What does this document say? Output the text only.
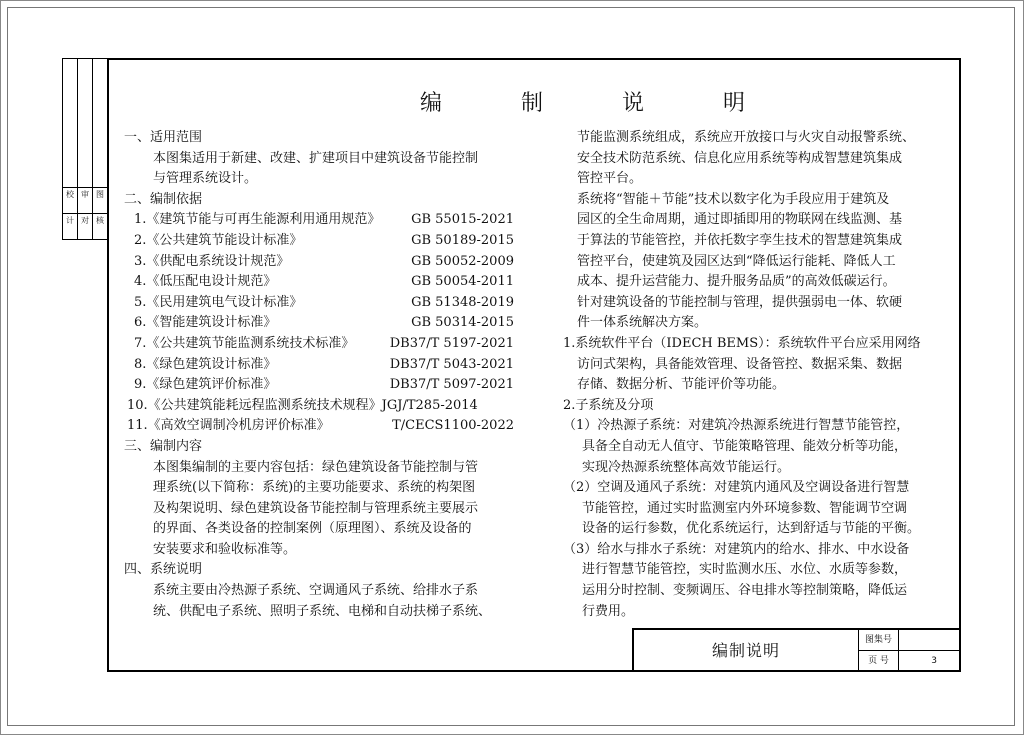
图
审
校
核
对
计
编 制 说 明
一、适用范围
本图集适用于新建、改建、扩建项目中建筑设备节能控制
与管理系统设计。
二、编制依据
1.《建筑节能与可再生能源利用通用规范》 GB 55015-2021
2.《公共建筑节能设计标准》	GB 50189-2015
3.《供配电系统设计规范》	GB 50052-2009
4.《低压配电设计规范》	GB 50054-2011
5.《民用建筑电气设计标准》	GB 51348-2019
6.《智能建筑设计标准》	GB 50314-2015
7.《公共建筑节能监测系统技术标准》	DB37/T 5197-2021
8.《绿色建筑设计标准》	DB37/T 5043-2021
9.《绿色建筑评价标准》	DB37/T 5097-2021
10.《公共建筑能耗远程监测系统技术规程》JGJ/T285-2014
11.《高效空调制冷机房评价标准》	T/CECS1100-2022
三、编制内容
本图集编制的主要内容包括：绿色建筑设备节能控制与管
理系统(以下简称：系统)的主要功能要求、系统的构架图
及构架说明、绿色建筑设备节能控制与管理系统主要展示
的界面、各类设备的控制案例（原理图）、系统及设备的
安装要求和验收标准等。
四、系统说明
系统主要由冷热源子系统、空调通风子系统、给排水子系
统、供配电子系统、照明子系统、电梯和自动扶梯子系统、
节能监测系统组成，系统应开放接口与火灾自动报警系统、
安全技术防范系统、信息化应用系统等构成智慧建筑集成
管控平台。
系统将“智能＋节能”技术以数字化为手段应用于建筑及
园区的全生命周期，通过即插即用的物联网在线监测、基
于算法的节能管控，并依托数字孪生技术的智慧建筑集成
管控平台，使建筑及园区达到“降低运行能耗、降低人工
成本、提升运营能力、提升服务品质”的高效低碳运行。
针对建筑设备的节能控制与管理，提供强弱电一体、软硬
件一体系统解决方案。
1.系统软件平台（IDECH BEMS）：系统软件平台应采用网络
访问式架构，具备能效管理、设备管控、数据采集、数据
存储、数据分析、节能评价等功能。
2.子系统及分项
（1）冷热源子系统：对建筑冷热源系统进行智慧节能管控，
具备全自动无人值守、节能策略管理、能效分析等功能，
实现冷热源系统整体高效节能运行。
（2）空调及通风子系统：对建筑内通风及空调设备进行智慧
节能管控，通过实时监测室内外环境参数、智能调节空调
设备的运行参数，优化系统运行，达到舒适与节能的平衡。
（3）给水与排水子系统：对建筑内的给水、排水、中水设备
进行智慧节能管控，实时监测水压、水位、水质等参数，
运用分时控制、变频调压、谷电排水等控制策略，降低运
行费用。
编制说明
图集号
页 号	3
